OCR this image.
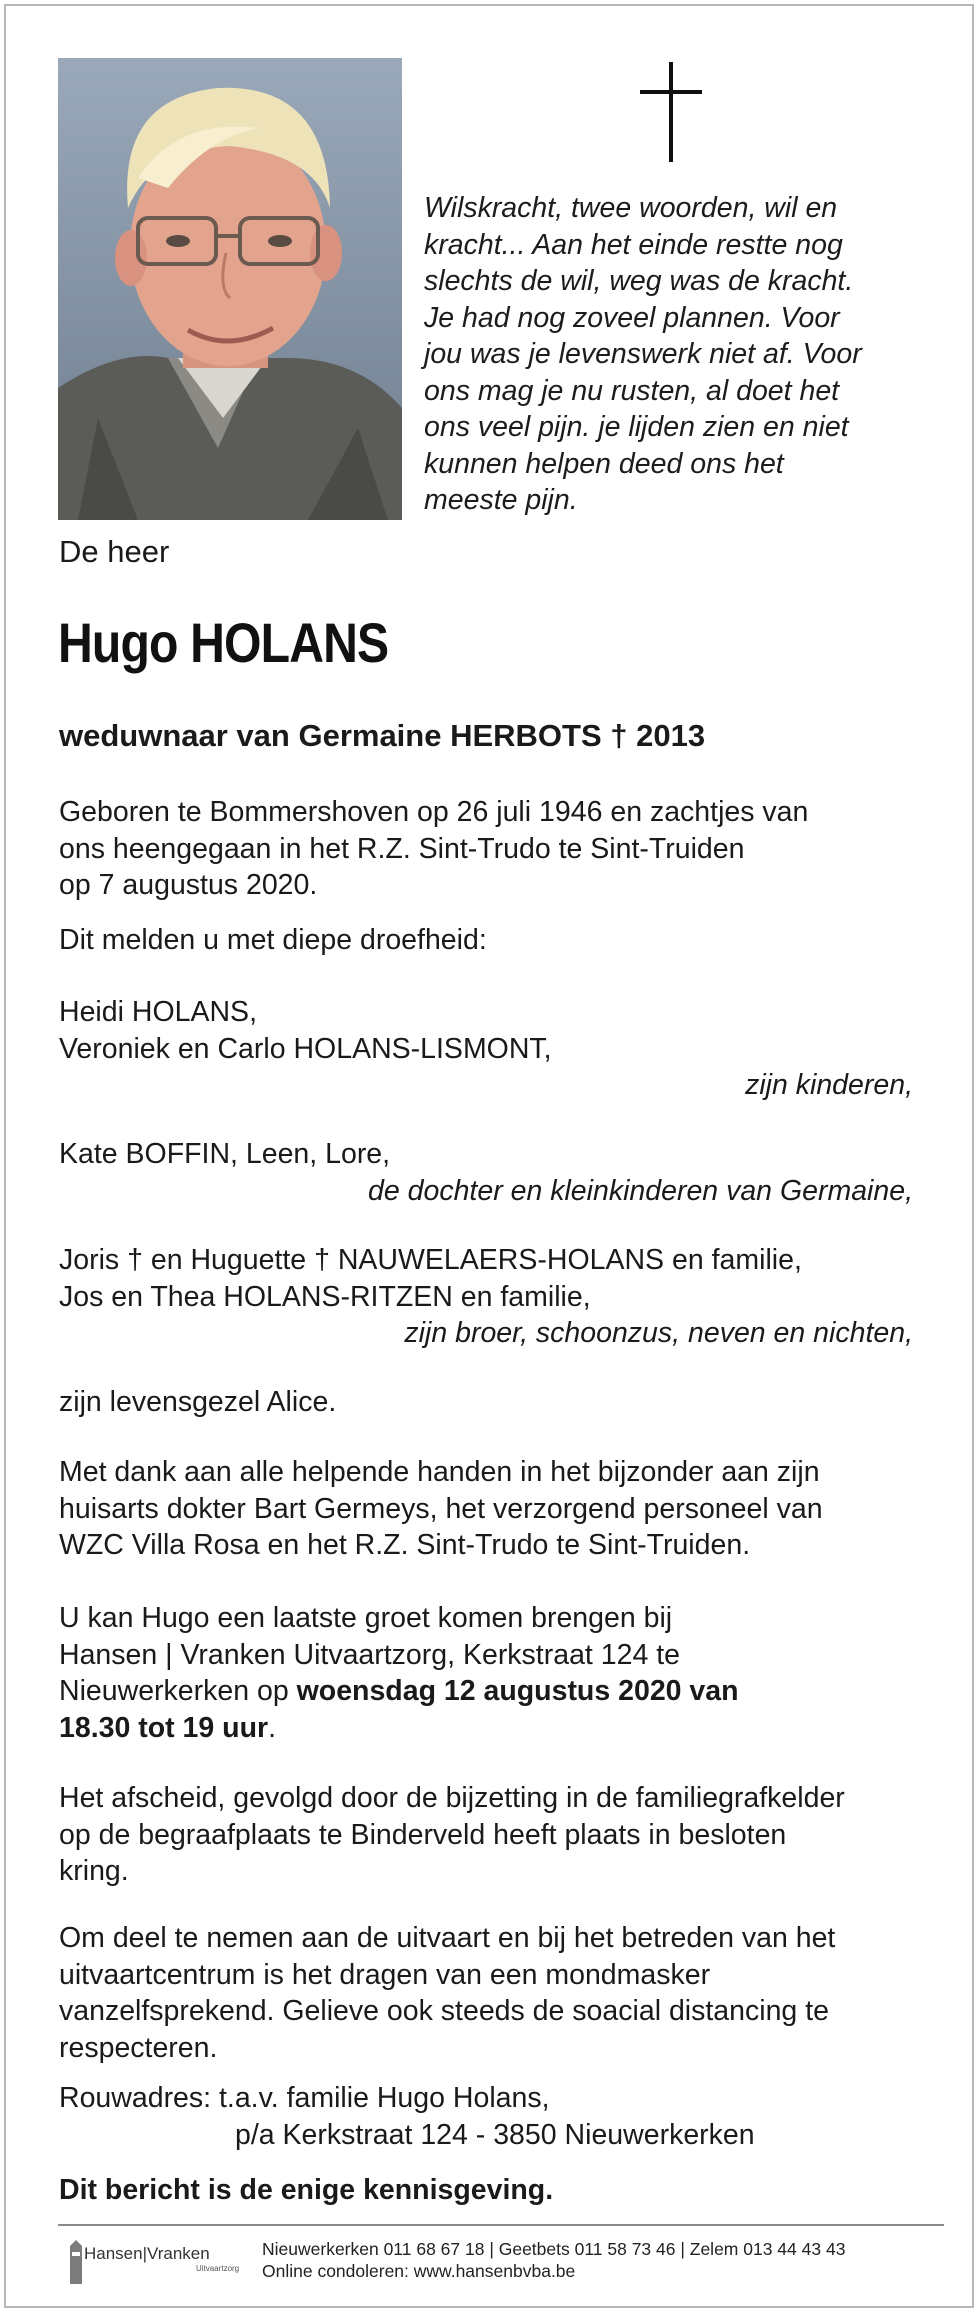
Wilskracht, twee woorden, wil en
kracht... Aan het einde restte nog
slechts de wil, weg was de kracht.
Je had nog zoveel plannen. Voor
jou was je levenswerk niet af. Voor
ons mag je nu rusten, al doet het
ons veel pijn. je lijden zien en niet
kunnen helpen deed ons het
meeste pijn.
De heer
Hugo HOLANS
weduwnaar van Germaine HERBOTS † 2013
Geboren te Bommershoven op 26 juli 1946 en zachtjes van
ons heengegaan in het R.Z. Sint-Trudo te Sint-Truiden
op 7 augustus 2020.
Dit melden u met diepe droefheid:
Heidi HOLANS,
Veroniek en Carlo HOLANS-LISMONT,
zijn kinderen,
Kate BOFFIN, Leen, Lore,
de dochter en kleinkinderen van Germaine,
Joris † en Huguette † NAUWELAERS-HOLANS en familie,
Jos en Thea HOLANS-RITZEN en familie,
zijn broer, schoonzus, neven en nichten,
zijn levensgezel Alice.
Met dank aan alle helpende handen in het bijzonder aan zijn
huisarts dokter Bart Germeys, het verzorgend personeel van
WZC Villa Rosa en het R.Z. Sint-Trudo te Sint-Truiden.
U kan Hugo een laatste groet komen brengen bij
Hansen | Vranken Uitvaartzorg, Kerkstraat 124 te
Nieuwerkerken op woensdag 12 augustus 2020 van
18.30 tot 19 uur.
Het afscheid, gevolgd door de bijzetting in de familiegrafkelder
op de begraafplaats te Binderveld heeft plaats in besloten
kring.
Om deel te nemen aan de uitvaart en bij het betreden van het
uitvaartcentrum is het dragen van een mondmasker
vanzelfsprekend. Gelieve ook steeds de soacial distancing te
respecteren.
Rouwadres: t.a.v. familie Hugo Holans,
p/a Kerkstraat 124 - 3850 Nieuwerkerken
Dit bericht is de enige kennisgeving.
Hansen|Vranken
Uitvaartzorg
Nieuwerkerken 011 68 67 18 | Geetbets 011 58 73 46 | Zelem 013 44 43 43
Online condoleren: www.hansenbvba.be
